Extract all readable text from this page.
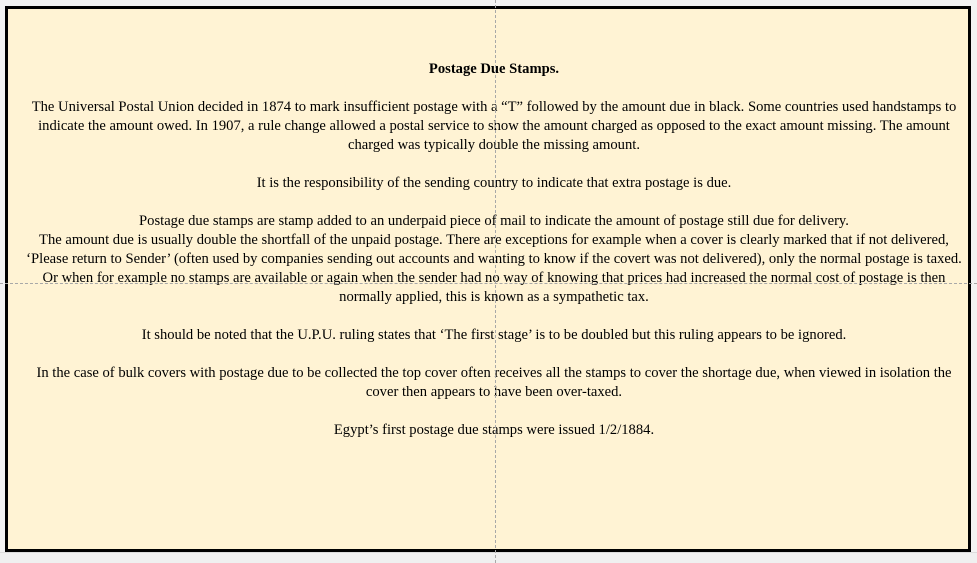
Postage Due Stamps.

The Universal Postal Union decided in 1874 to mark insufficient postage with a “T” followed by the amount due in black. Some countries used handstamps to indicate the amount owed. In 1907, a rule change allowed a postal service to show the amount charged as opposed to the exact amount missing. The amount charged was typically double the missing amount.

It is the responsibility of the sending country to indicate that extra postage is due.

Postage due stamps are stamp added to an underpaid piece of mail to indicate the amount of postage still due for delivery.

The amount due is usually double the shortfall of the unpaid postage. There are exceptions for example when a cover is clearly marked that if not delivered, ‘Please return to Sender’ (often used by companies sending out accounts and wanting to know if the covert was not delivered), only the normal postage is taxed. Or when for example no stamps are available or again when the sender had no way of knowing that prices had increased the normal cost of postage is then normally applied, this is known as a sympathetic tax.

It should be noted that the U.P.U. ruling states that ‘The first stage’ is to be doubled but this ruling appears to be ignored.

In the case of bulk covers with postage due to be collected the top cover often receives all the stamps to cover the shortage due, when viewed in isolation the cover then appears to have been over-taxed.

Egypt’s first postage due stamps were issued 1/2/1884.
